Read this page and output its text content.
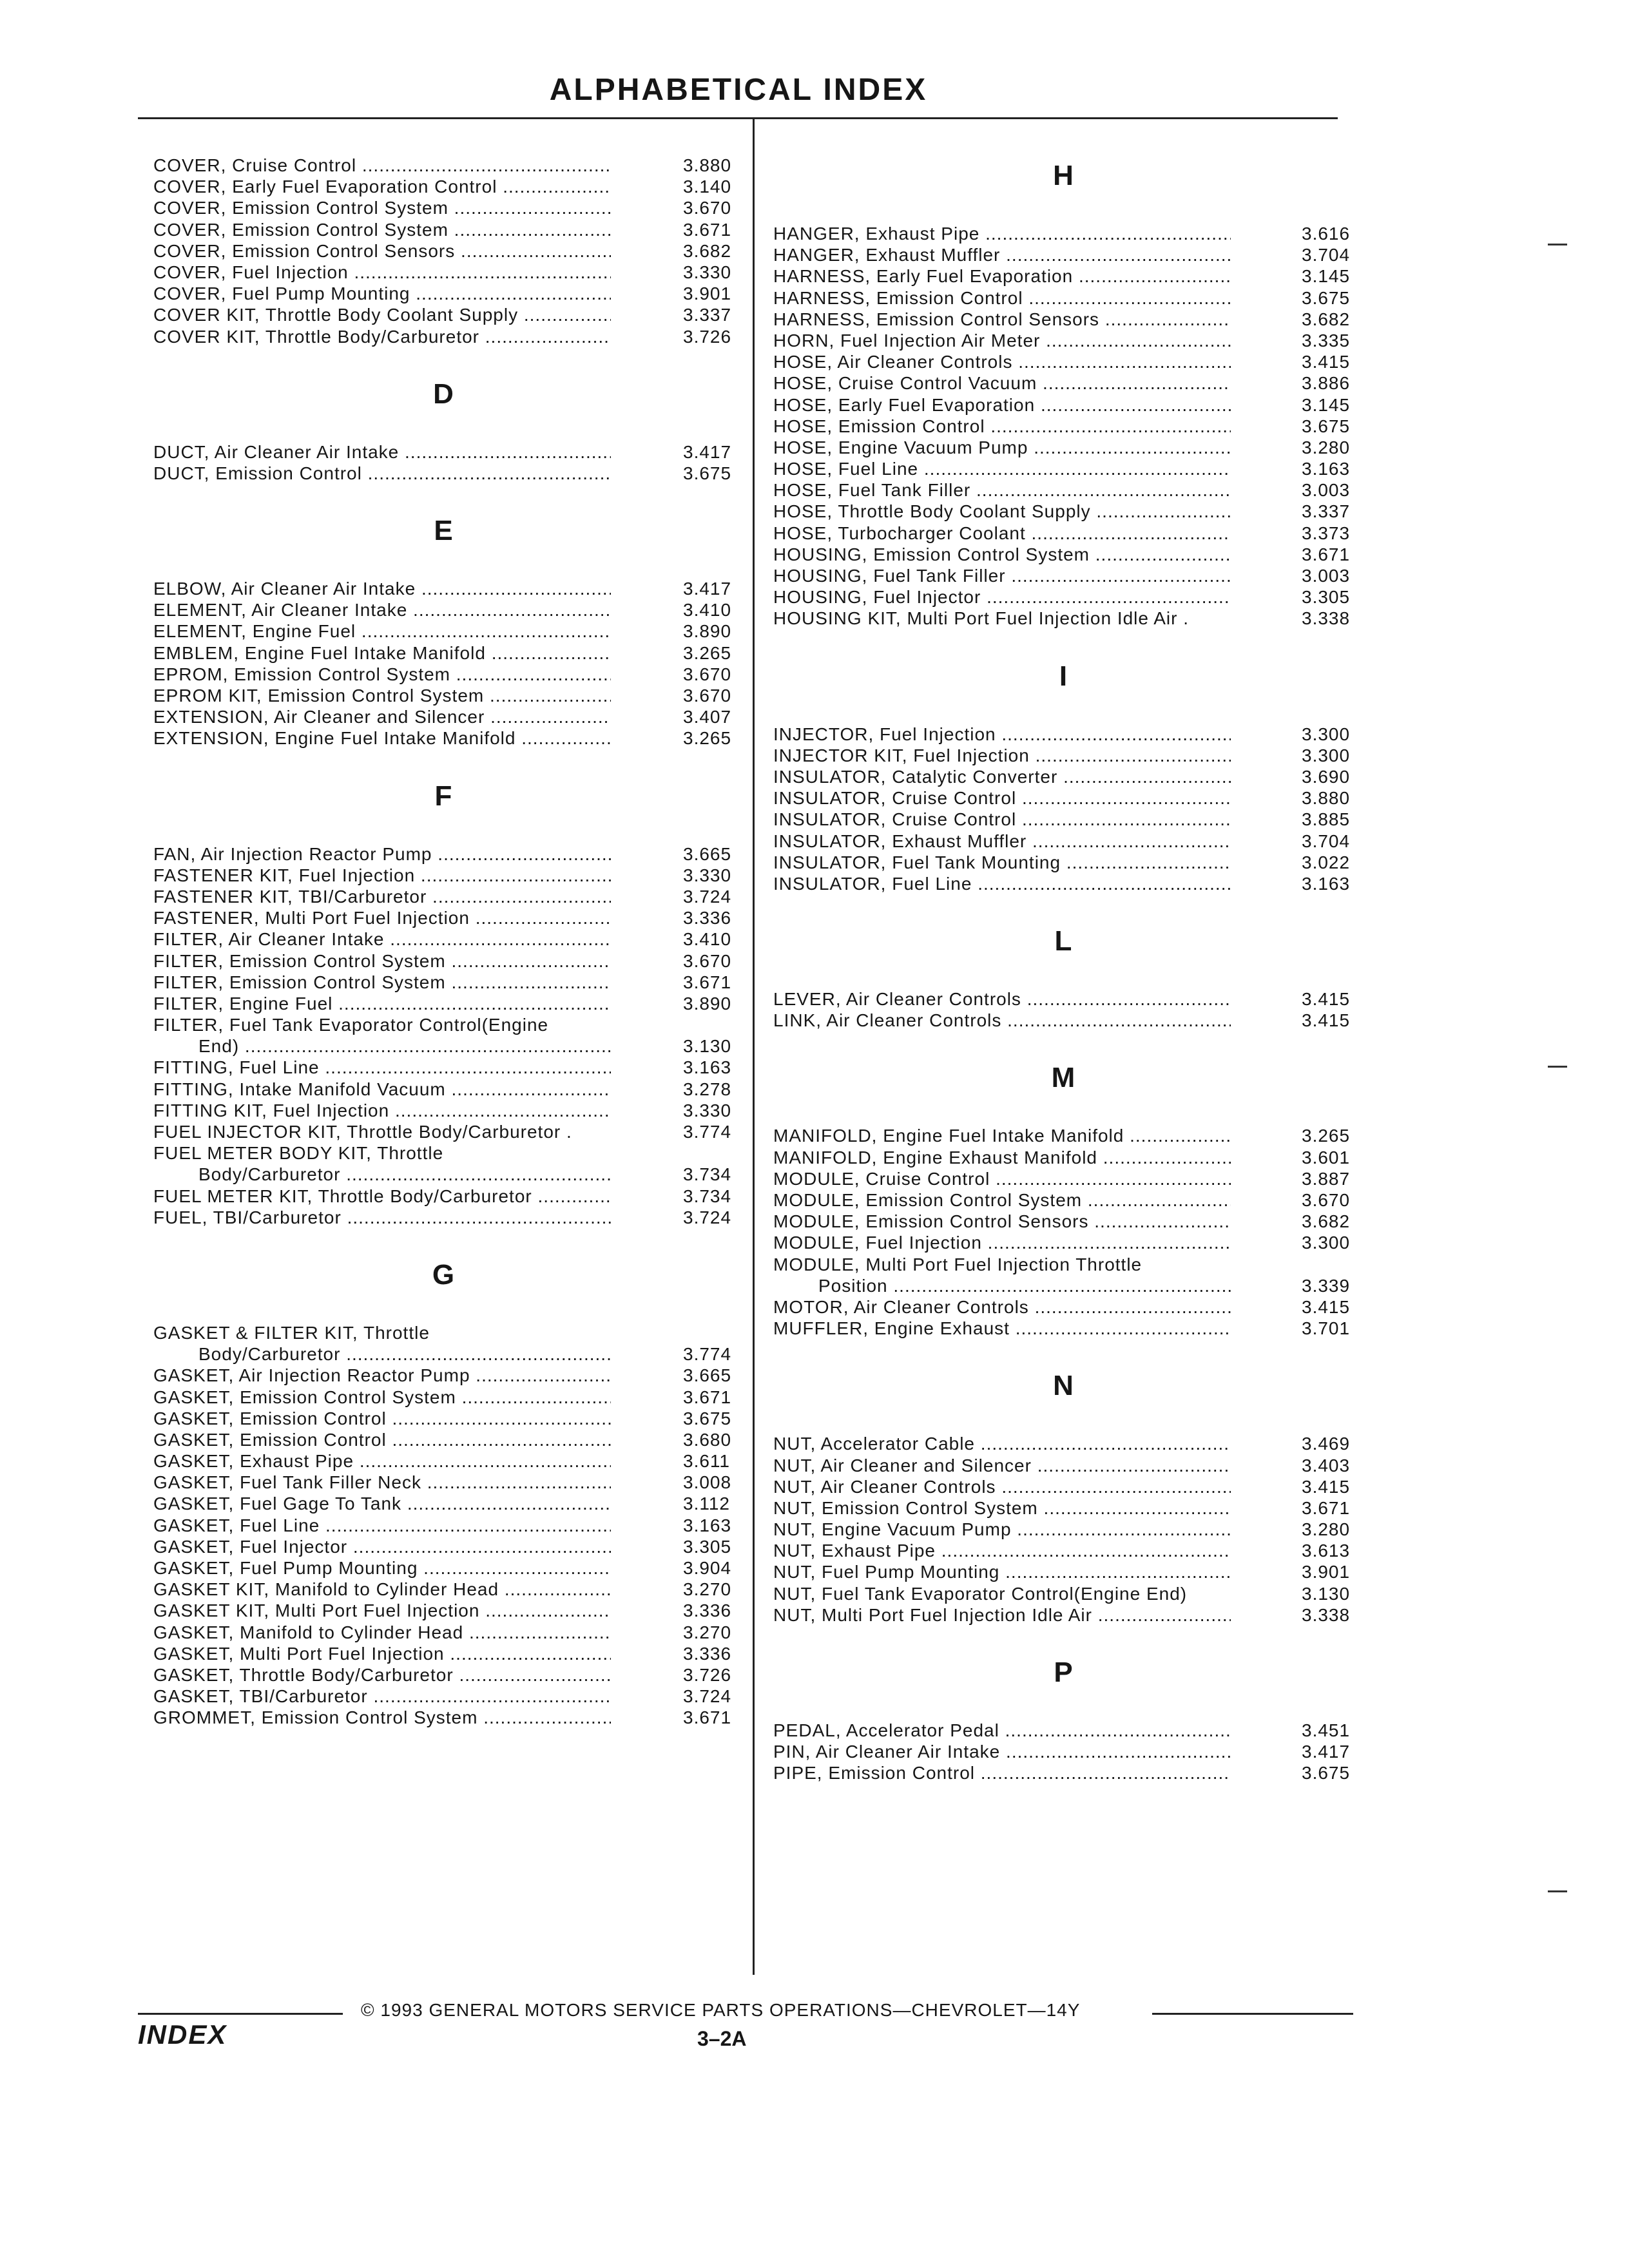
ALPHABETICAL INDEX
COVER, Cruise Control .....	3.880
COVER, Early Fuel Evaporation Control .....	3.140
COVER, Emission Control System .....	3.670
COVER, Emission Control System .....	3.671
COVER, Emission Control Sensors .....	3.682
COVER, Fuel Injection .....	3.330
COVER, Fuel Pump Mounting .....	3.901
COVER KIT, Throttle Body Coolant Supply .....	3.337
COVER KIT, Throttle Body/Carburetor .....	3.726
D
DUCT, Air Cleaner Air Intake .....	3.417
DUCT, Emission Control .....	3.675
E
ELBOW, Air Cleaner Air Intake .....	3.417
ELEMENT, Air Cleaner Intake .....	3.410
ELEMENT, Engine Fuel .....	3.890
EMBLEM, Engine Fuel Intake Manifold .....	3.265
EPROM, Emission Control System .....	3.670
EPROM KIT, Emission Control System .....	3.670
EXTENSION, Air Cleaner and Silencer .....	3.407
EXTENSION, Engine Fuel Intake Manifold .....	3.265
F
FAN, Air Injection Reactor Pump .....	3.665
FASTENER KIT, Fuel Injection .....	3.330
FASTENER KIT, TBI/Carburetor .....	3.724
FASTENER, Multi Port Fuel Injection .....	3.336
FILTER, Air Cleaner Intake .....	3.410
FILTER, Emission Control System .....	3.670
FILTER, Emission Control System .....	3.671
FILTER, Engine Fuel .....	3.890
FILTER, Fuel Tank Evaporator Control(Engine
End) .....	3.130
FITTING, Fuel Line .....	3.163
FITTING, Intake Manifold Vacuum .....	3.278
FITTING KIT, Fuel Injection .....	3.330
FUEL INJECTOR KIT, Throttle Body/Carburetor .	3.774
FUEL METER BODY KIT, Throttle
Body/Carburetor .....	3.734
FUEL METER KIT, Throttle Body/Carburetor .....	3.734
FUEL, TBI/Carburetor .....	3.724
G
GASKET & FILTER KIT, Throttle
Body/Carburetor .....	3.774
GASKET, Air Injection Reactor Pump .....	3.665
GASKET, Emission Control System .....	3.671
GASKET, Emission Control .....	3.675
GASKET, Emission Control .....	3.680
GASKET, Exhaust Pipe .....	3.611
GASKET, Fuel Tank Filler Neck .....	3.008
GASKET, Fuel Gage To Tank .....	3.112
GASKET, Fuel Line .....	3.163
GASKET, Fuel Injector .....	3.305
GASKET, Fuel Pump Mounting .....	3.904
GASKET KIT, Manifold to Cylinder Head .....	3.270
GASKET KIT, Multi Port Fuel Injection .....	3.336
GASKET, Manifold to Cylinder Head .....	3.270
GASKET, Multi Port Fuel Injection .....	3.336
GASKET, Throttle Body/Carburetor .....	3.726
GASKET, TBI/Carburetor .....	3.724
GROMMET, Emission Control System .....	3.671
H
HANGER, Exhaust Pipe .....	3.616
HANGER, Exhaust Muffler .....	3.704
HARNESS, Early Fuel Evaporation .....	3.145
HARNESS, Emission Control .....	3.675
HARNESS, Emission Control Sensors .....	3.682
HORN, Fuel Injection Air Meter .....	3.335
HOSE, Air Cleaner Controls .....	3.415
HOSE, Cruise Control Vacuum .....	3.886
HOSE, Early Fuel Evaporation .....	3.145
HOSE, Emission Control .....	3.675
HOSE, Engine Vacuum Pump .....	3.280
HOSE, Fuel Line .....	3.163
HOSE, Fuel Tank Filler .....	3.003
HOSE, Throttle Body Coolant Supply .....	3.337
HOSE, Turbocharger Coolant .....	3.373
HOUSING, Emission Control System .....	3.671
HOUSING, Fuel Tank Filler .....	3.003
HOUSING, Fuel Injector .....	3.305
HOUSING KIT, Multi Port Fuel Injection Idle Air .	3.338
I
INJECTOR, Fuel Injection .....	3.300
INJECTOR KIT, Fuel Injection .....	3.300
INSULATOR, Catalytic Converter .....	3.690
INSULATOR, Cruise Control .....	3.880
INSULATOR, Cruise Control .....	3.885
INSULATOR, Exhaust Muffler .....	3.704
INSULATOR, Fuel Tank Mounting .....	3.022
INSULATOR, Fuel Line .....	3.163
L
LEVER, Air Cleaner Controls .....	3.415
LINK, Air Cleaner Controls .....	3.415
M
MANIFOLD, Engine Fuel Intake Manifold .....	3.265
MANIFOLD, Engine Exhaust Manifold .....	3.601
MODULE, Cruise Control .....	3.887
MODULE, Emission Control System .....	3.670
MODULE, Emission Control Sensors .....	3.682
MODULE, Fuel Injection .....	3.300
MODULE, Multi Port Fuel Injection Throttle
Position .....	3.339
MOTOR, Air Cleaner Controls .....	3.415
MUFFLER, Engine Exhaust .....	3.701
N
NUT, Accelerator Cable .....	3.469
NUT, Air Cleaner and Silencer .....	3.403
NUT, Air Cleaner Controls .....	3.415
NUT, Emission Control System .....	3.671
NUT, Engine Vacuum Pump .....	3.280
NUT, Exhaust Pipe .....	3.613
NUT, Fuel Pump Mounting .....	3.901
NUT, Fuel Tank Evaporator Control(Engine End)	3.130
NUT, Multi Port Fuel Injection Idle Air .....	3.338
P
PEDAL, Accelerator Pedal .....	3.451
PIN, Air Cleaner Air Intake .....	3.417
PIPE, Emission Control .....	3.675
© 1993 GENERAL MOTORS SERVICE PARTS OPERATIONS—CHEVROLET—14Y
INDEX	3–2A
